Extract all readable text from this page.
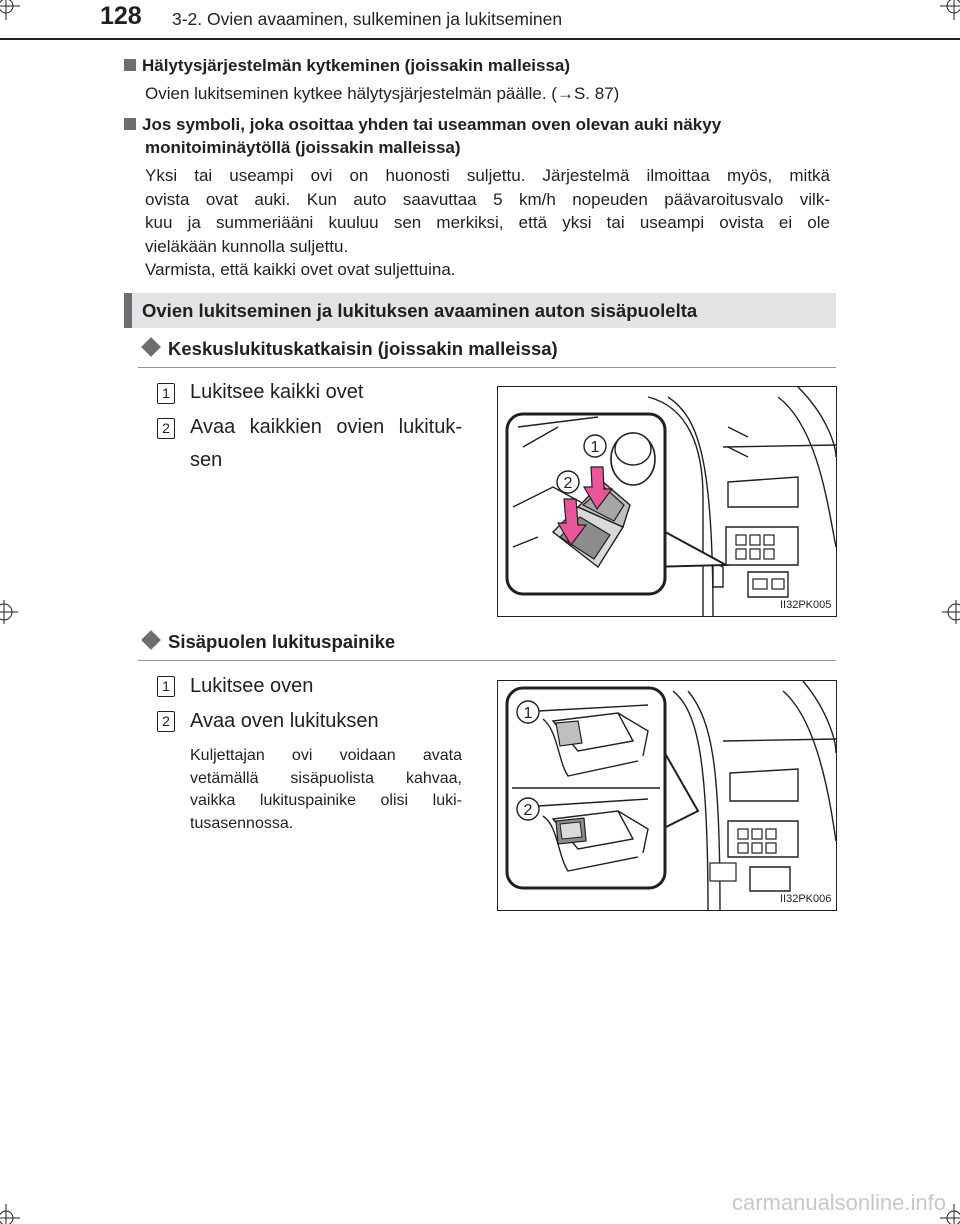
128 3-2. Ovien avaaminen, sulkeminen ja lukitseminen
Hälytysjärjestelmän kytkeminen (joissakin malleissa)
Ovien lukitseminen kytkee hälytysjärjestelmän päälle. (→S. 87)
Jos symboli, joka osoittaa yhden tai useamman oven olevan auki näkyy
monitoiminäytöllä (joissakin malleissa)
Yksi tai useampi ovi on huonosti suljettu. Järjestelmä ilmoittaa myös, mitkä
ovista ovat auki. Kun auto saavuttaa 5 km/h nopeuden päävaroitusvalo vilk-
kuu ja summeriääni kuuluu sen merkiksi, että yksi tai useampi ovista ei ole
vieläkään kunnolla suljettu.
Varmista, että kaikki ovet ovat suljettuina.
Ovien lukitseminen ja lukituksen avaaminen auton sisäpuolelta
Keskuslukituskatkaisin (joissakin malleissa)
1 Lukitsee kaikki ovet
2 Avaa kaikkien ovien lukituk-
sen
1
2
II32PK005
Sisäpuolen lukituspainike
1 Lukitsee oven
2 Avaa oven lukituksen
Kuljettajan ovi voidaan avata
vetämällä sisäpuolista kahvaa,
vaikka lukituspainike olisi luki-
tusasennossa.
1
2
II32PK006
carmanualsonline.info
